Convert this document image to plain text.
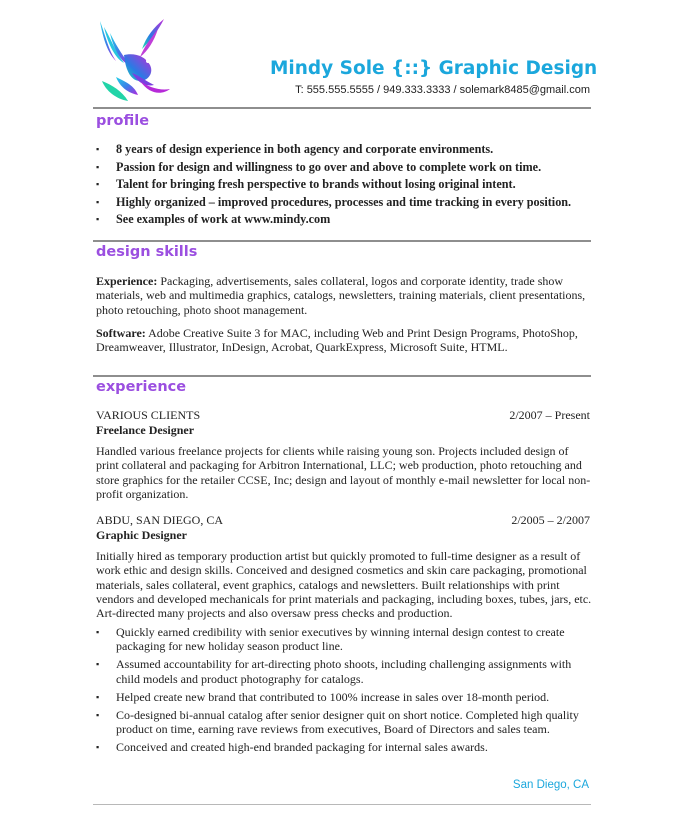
Mindy Sole {::} Graphic Design
T: 555.555.5555 / 949.333.3333 / solemark8485@gmail.com
profile
▪ 8 years of design experience in both agency and corporate environments.
▪ Passion for design and willingness to go over and above to complete work on time.
▪ Talent for bringing fresh perspective to brands without losing original intent.
▪ Highly organized – improved procedures, processes and time tracking in every position.
▪ See examples of work at www.mindy.com
design skills
Experience: Packaging, advertisements, sales collateral, logos and corporate identity, trade show materials, web and multimedia graphics, catalogs, newsletters, training materials, client presentations, photo retouching, photo shoot management.
Software: Adobe Creative Suite 3 for MAC, including Web and Print Design Programs, PhotoShop, Dreamweaver, Illustrator, InDesign, Acrobat, QuarkExpress, Microsoft Suite, HTML.
experience
VARIOUS CLIENTS	2/2007 – Present
Freelance Designer
Handled various freelance projects for clients while raising young son. Projects included design of print collateral and packaging for Arbitron International, LLC; web production, photo retouching and store graphics for the retailer CCSE, Inc; design and layout of monthly e-mail newsletter for local non-profit organization.
ABDU, SAN DIEGO, CA	2/2005 – 2/2007
Graphic Designer
Initially hired as temporary production artist but quickly promoted to full-time designer as a result of work ethic and design skills. Conceived and designed cosmetics and skin care packaging, promotional materials, sales collateral, event graphics, catalogs and newsletters. Built relationships with print vendors and developed mechanicals for print materials and packaging, including boxes, tubes, jars, etc. Art-directed many projects and also oversaw press checks and production.
▪ Quickly earned credibility with senior executives by winning internal design contest to create packaging for new holiday season product line.
▪ Assumed accountability for art-directing photo shoots, including challenging assignments with child models and product photography for catalogs.
▪ Helped create new brand that contributed to 100% increase in sales over 18-month period.
▪ Co-designed bi-annual catalog after senior designer quit on short notice. Completed high quality product on time, earning rave reviews from executives, Board of Directors and sales team.
▪ Conceived and created high-end branded packaging for internal sales awards.
San Diego, CA
